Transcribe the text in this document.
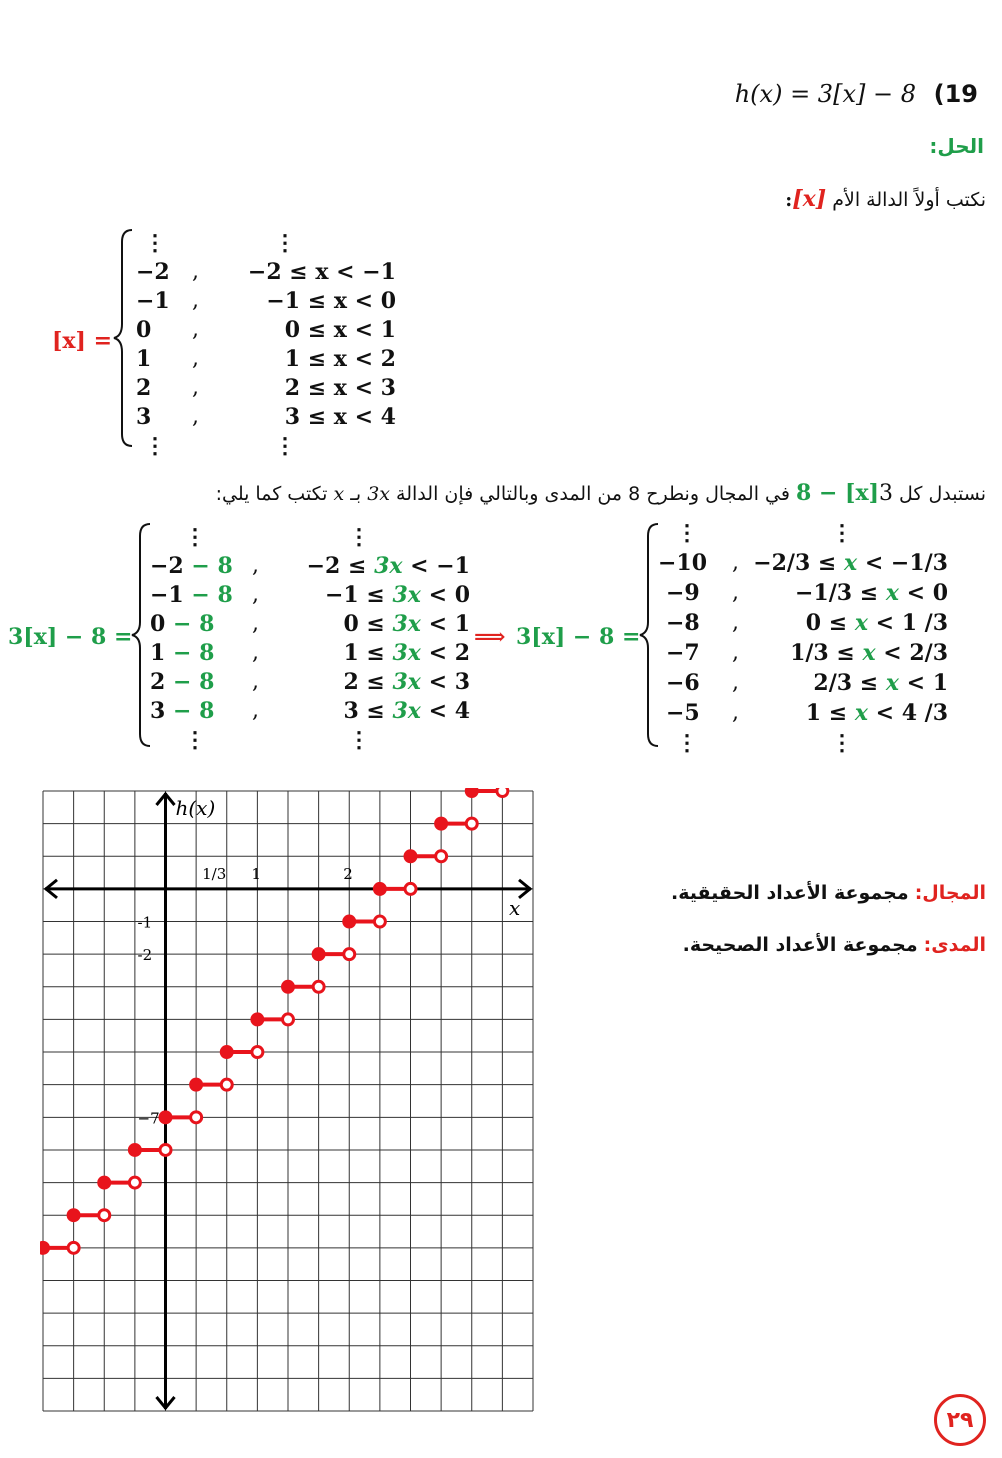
h(x) = 3[x] − 8 (19
الحل:
نكتب أولاً الدالة الأم [x]:
[x] =
⋮	⋮
−2 , −2 ≤ x < −1
−1 ,	−1 ≤ x < 0
0 ,	0 ≤ x < 1
1 ,	1 ≤ x < 2
2 ,	2 ≤ x < 3
3 ,	3 ≤ x < 4
⋮	⋮
نستبدل كل x بـ 3x في المجال ونطرح 8 من المدى وبالتالي فإن الدالة 8 − [x]3 تكتب كما يلي:
3[x] − 8 =
⋮	⋮
−2 − 8 , −2 ≤ 3x < −1
−1 − 8 ,	−1 ≤ 3x < 0
0 − 8 ,	0 ≤ 3x < 1
1 − 8 ,	1 ≤ 3x < 2
2 − 8 ,	2 ≤ 3x < 3
3 − 8 ,	3 ≤ 3x < 4
⋮	⋮
⟹ 3[x] − 8 =
⋮	⋮
−10 , −2/3 ≤ x < −1/3
−9 ,	−1/3 ≤ x < 0
−8 ,	0 ≤ x < 1 /3
−7 , 1/3 ≤ x < 2/3
−6 ,	2/3 ≤ x < 1
−5 ,	1 ≤ x < 4 /3
⋮	⋮
المجال: مجموعة الأعداد الحقيقية.
المدى: مجموعة الأعداد الصحيحة.
h(x)
x
1/3 1	2
-1
-2
−7
٢٩
